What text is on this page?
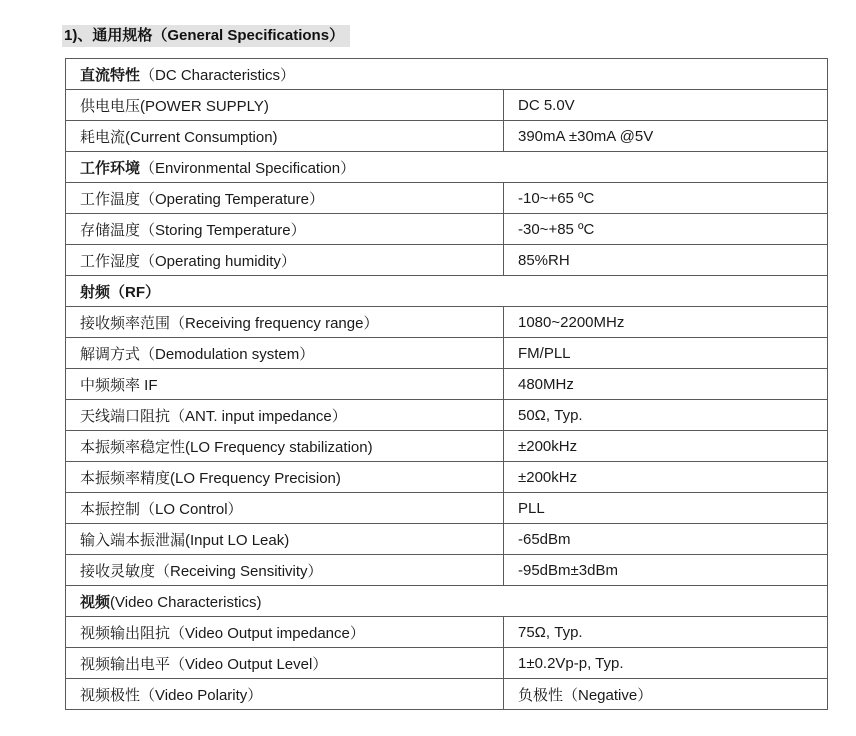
1)、通用规格（General Specifications）
直流特性（DC Characteristics）	
供电电压(POWER SUPPLY)	DC 5.0V
耗电流(Current Consumption)	390mA ±30mA @5V
工作环境（Environmental Specification）	
工作温度（Operating Temperature）	-10~+65 ºC
存储温度（Storing Temperature）	-30~+85 ºC
工作湿度（Operating humidity）	85%RH
射频（RF）	
接收频率范围（Receiving frequency range）	1080~2200MHz
解调方式（Demodulation system）	FM/PLL
中频频率 IF	480MHz
天线端口阻抗（ANT. input impedance）	50Ω, Typ.
本振频率稳定性(LO Frequency stabilization)	±200kHz
本振频率精度(LO Frequency Precision)	±200kHz
本振控制（LO Control）	PLL
输入端本振泄漏(Input LO Leak)	-65dBm
接收灵敏度（Receiving Sensitivity）	-95dBm±3dBm
视频(Video Characteristics)	
视频输出阻抗（Video Output impedance）	75Ω, Typ.
视频输出电平（Video Output Level）	1±0.2Vp-p, Typ.
视频极性（Video Polarity）	负极性（Negative）
